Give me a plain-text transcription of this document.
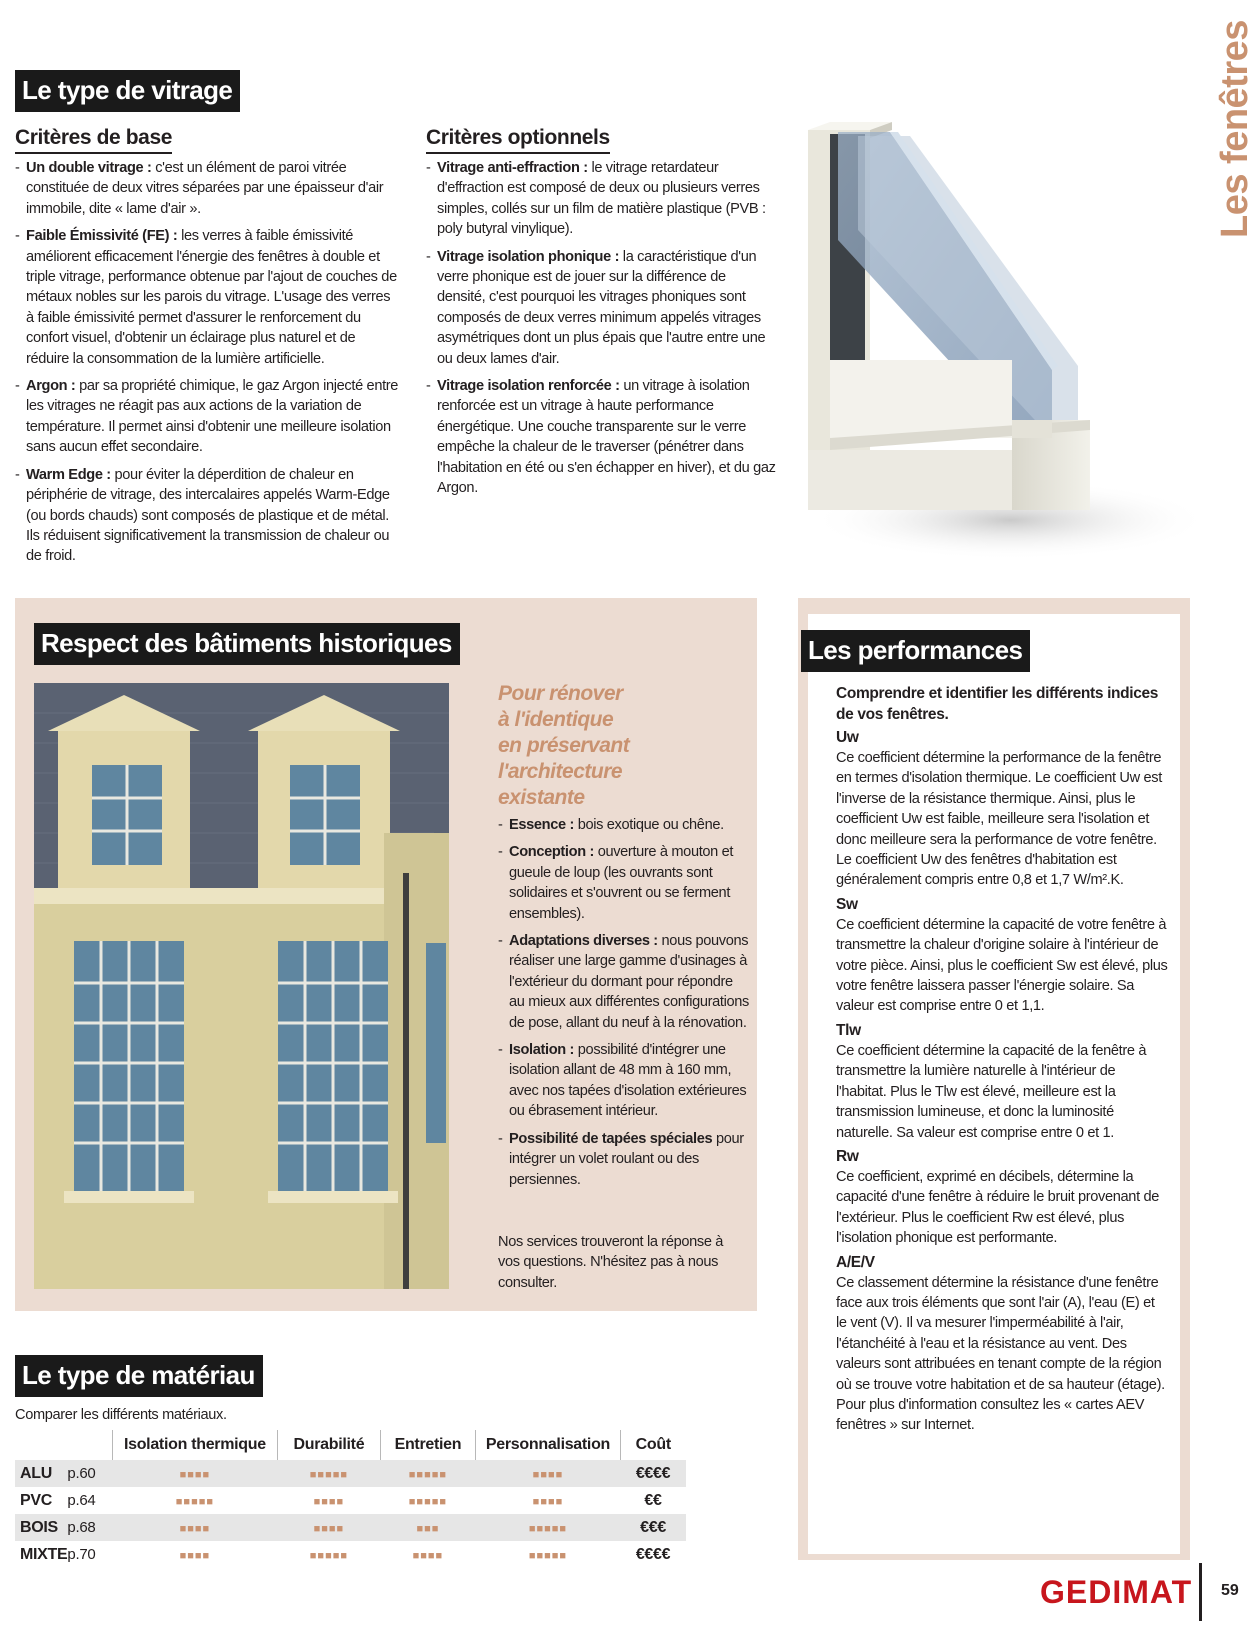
Les fenêtres
Le type de vitrage
Critères de base
- Un double vitrage : c'est un élément de paroi vitrée constituée de deux vitres séparées par une épaisseur d'air immobile, dite « lame d'air ».
- Faible Émissivité (FE) : les verres à faible émissivité améliorent efficacement l'énergie des fenêtres à double et triple vitrage, performance obtenue par l'ajout de couches de métaux nobles sur les parois du vitrage. L'usage des verres à faible émissivité permet d'assurer le renforcement du confort visuel, d'obtenir un éclairage plus naturel et de réduire la consommation de la lumière artificielle.
- Argon : par sa propriété chimique, le gaz Argon injecté entre les vitrages ne réagit pas aux actions de la variation de température. Il permet ainsi d'obtenir une meilleure isolation sans aucun effet secondaire.
- Warm Edge : pour éviter la déperdition de chaleur en périphérie de vitrage, des intercalaires appelés Warm-Edge (ou bords chauds) sont composés de plastique et de métal. Ils réduisent significativement la transmission de chaleur ou de froid.
Critères optionnels
- Vitrage anti-effraction : le vitrage retardateur d'effraction est composé de deux ou plusieurs verres simples, collés sur un film de matière plastique (PVB : poly butyral vinylique).
- Vitrage isolation phonique : la caractéristique d'un verre phonique est de jouer sur la différence de densité, c'est pourquoi les vitrages phoniques sont composés de deux verres minimum appelés vitrages asymétriques dont un plus épais que l'autre entre une ou deux lames d'air.
- Vitrage isolation renforcée : un vitrage à isolation renforcée est un vitrage à haute performance énergétique. Une couche transparente sur le verre empêche la chaleur de le traverser (pénétrer dans l'habitation en été ou s'en échapper en hiver), et du gaz Argon.
Respect des bâtiments historiques
Pour rénover
à l'identique
en préservant
l'architecture
existante
- Essence : bois exotique ou chêne.
- Conception : ouverture à mouton et gueule de loup (les ouvrants sont solidaires et s'ouvrent ou se ferment ensembles).
- Adaptations diverses : nous pouvons réaliser une large gamme d'usinages à l'extérieur du dormant pour répondre au mieux aux différentes configurations de pose, allant du neuf à la rénovation.
- Isolation : possibilité d'intégrer une isolation allant de 48 mm à 160 mm, avec nos tapées d'isolation extérieures ou ébrasement intérieur.
- Possibilité de tapées spéciales pour intégrer un volet roulant ou des persiennes.
Nos services trouveront la réponse à vos questions. N'hésitez pas à nous consulter.
Les performances

Comprendre et identifier les différents indices de vos fenêtres.

Uw

Ce coefficient détermine la performance de la fenêtre en termes d'isolation thermique. Le coefficient Uw est l'inverse de la résistance thermique. Ainsi, plus le coefficient Uw est faible, meilleure sera l'isolation et donc meilleure sera la performance de votre fenêtre. Le coefficient Uw des fenêtres d'habitation est généralement compris entre 0,8 et 1,7 W/m².K.

Sw

Ce coefficient détermine la capacité de votre fenêtre à transmettre la chaleur d'origine solaire à l'intérieur de votre pièce. Ainsi, plus le coefficient Sw est élevé, plus votre fenêtre laissera passer l'énergie solaire. Sa valeur est comprise entre 0 et 1,1.

Tlw

Ce coefficient détermine la capacité de la fenêtre à transmettre la lumière naturelle à l'intérieur de l'habitat. Plus le Tlw est élevé, meilleure est la transmission lumineuse, et donc la luminosité naturelle. Sa valeur est comprise entre 0 et 1.

Rw

Ce coefficient, exprimé en décibels, détermine la capacité d'une fenêtre à réduire le bruit provenant de l'extérieur. Plus le coefficient Rw est élevé, plus l'isolation phonique est performante.

A/E/V

Ce classement détermine la résistance d'une fenêtre face aux trois éléments que sont l'air (A), l'eau (E) et le vent (V). Il va mesurer l'imperméabilité à l'air, l'étanchéité à l'eau et la résistance au vent. Des valeurs sont attribuées en tenant compte de la région où se trouve votre habitation et de sa hauteur (étage). Pour plus d'information consultez les « cartes AEV fenêtres » sur Internet.

Le type de matériau
Comparer les différents matériaux.
		Isolation thermique	Durabilité	Entretien	Personnalisation	Coût
ALU	p.60	■■■■	■■■■■	■■■■■	■■■■	€€€€
PVC	p.64	■■■■■	■■■■	■■■■■	■■■■	€€
BOIS	p.68	■■■■	■■■■	■■■	■■■■■	€€€
MIXTE	p.70	■■■■	■■■■■	■■■■	■■■■■	€€€€
GEDIMAT 59
